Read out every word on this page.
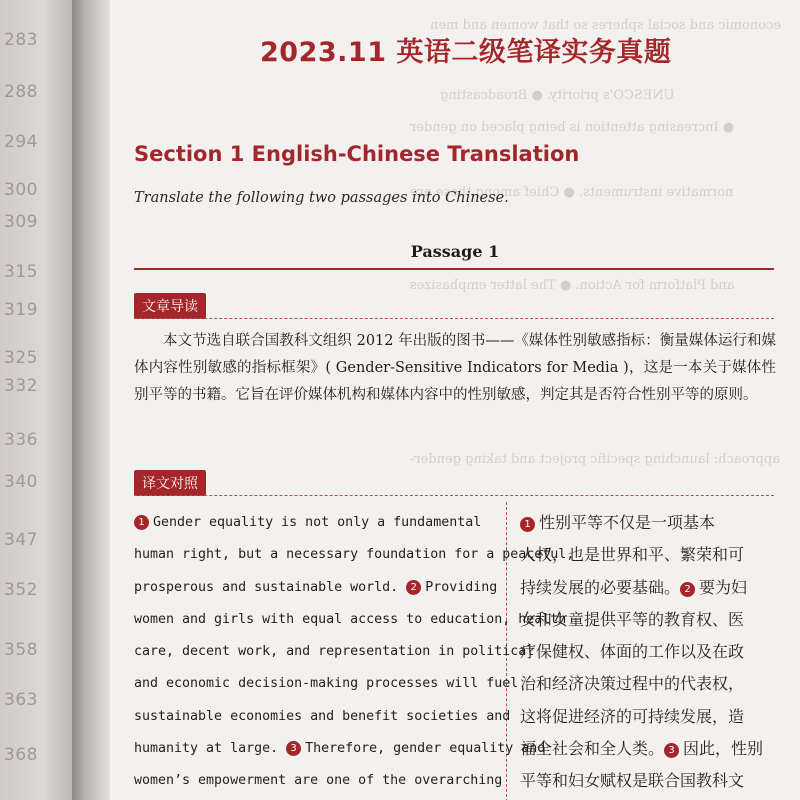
283
288
294
300
309
315
319
325
332
336
340
347
352
358
363
368
economic and social spheres so that women and men
UNESCO's priority. ● Broadcasting
● Increasing attention is being placed on gender
normative instruments. ● Chief among these are
and Platform for Action. ● The latter emphasizes
approach: launching specific project and taking gender-
2023.11 英语二级笔译实务真题
Section 1 English-Chinese Translation
Translate the following two passages into Chinese.
Passage 1
文章导读
本文节选自联合国教科文组织 2012 年出版的图书——《媒体性别敏感指标：衡量媒体运行和媒体内容性别敏感的指标框架》( Gender-Sensitive Indicators for Media )，这是一本关于媒体性别平等的书籍。它旨在评价媒体机构和媒体内容中的性别敏感，判定其是否符合性别平等的原则。
译文对照
1 Gender equality is not only a fundamental
human right, but a necessary foundation for a peaceful,
prosperous and sustainable world. 2 Providing
women and girls with equal access to education, health
care, decent work, and representation in political
and economic decision-making processes will fuel
sustainable economies and benefit societies and
humanity at large. 3 Therefore, gender equality and
women’s empowerment are one of the overarching
1 性别平等不仅是一项基本
人权，也是世界和平、繁荣和可
持续发展的必要基础。 2 要为妇
女和女童提供平等的教育权、医
疗保健权、体面的工作以及在政
治和经济决策过程中的代表权，
这将促进经济的可持续发展，造
福全社会和全人类。 3 因此，性别
平等和妇女赋权是联合国教科文
